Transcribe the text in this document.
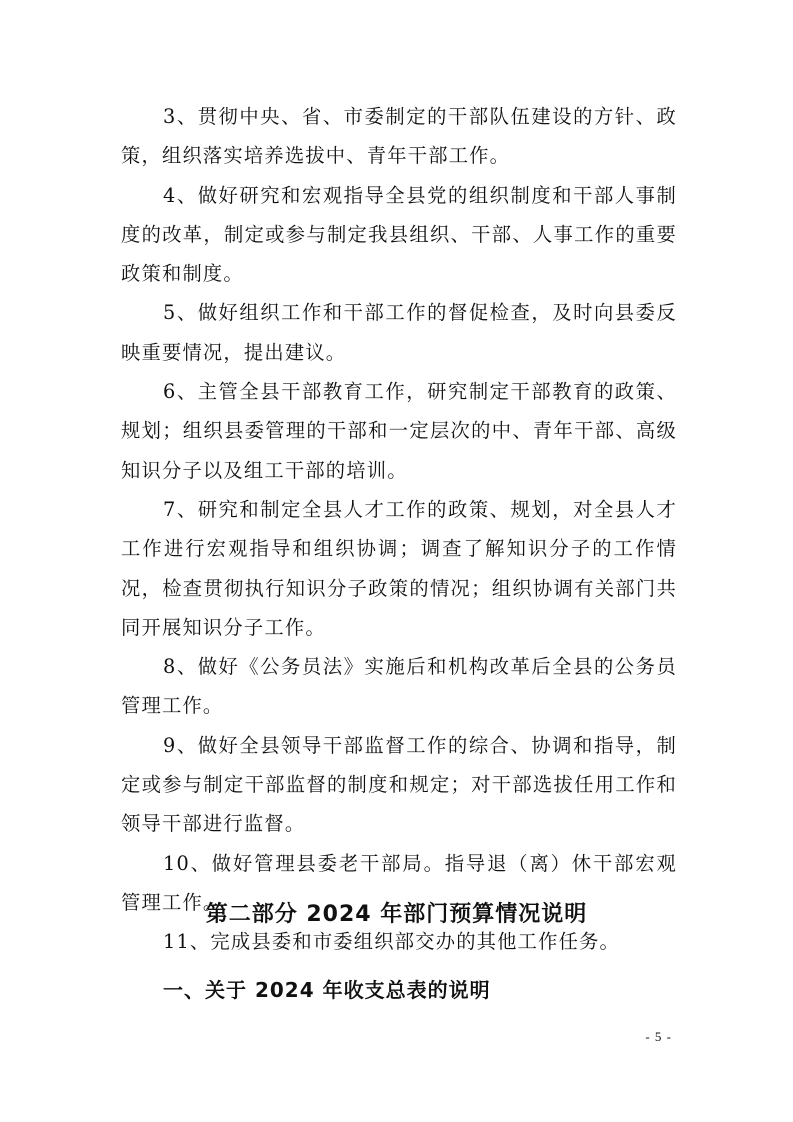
3、贯彻中央、省、市委制定的干部队伍建设的方针、政策，组织落实培养选拔中、青年干部工作。

4、做好研究和宏观指导全县党的组织制度和干部人事制度的改革，制定或参与制定我县组织、干部、人事工作的重要政策和制度。

5、做好组织工作和干部工作的督促检查，及时向县委反映重要情况，提出建议。

6、主管全县干部教育工作，研究制定干部教育的政策、规划；组织县委管理的干部和一定层次的中、青年干部、高级知识分子以及组工干部的培训。

7、研究和制定全县人才工作的政策、规划，对全县人才工作进行宏观指导和组织协调；调查了解知识分子的工作情况，检查贯彻执行知识分子政策的情况；组织协调有关部门共同开展知识分子工作。

8、做好《公务员法》实施后和机构改革后全县的公务员管理工作。

9、做好全县领导干部监督工作的综合、协调和指导，制定或参与制定干部监督的制度和规定；对干部选拔任用工作和领导干部进行监督。

10、做好管理县委老干部局。指导退（离）休干部宏观管理工作。

11、完成县委和市委组织部交办的其他工作任务。

第二部分 2024 年部门预算情况说明
一、关于 2024 年收支总表的说明
- 5 -
